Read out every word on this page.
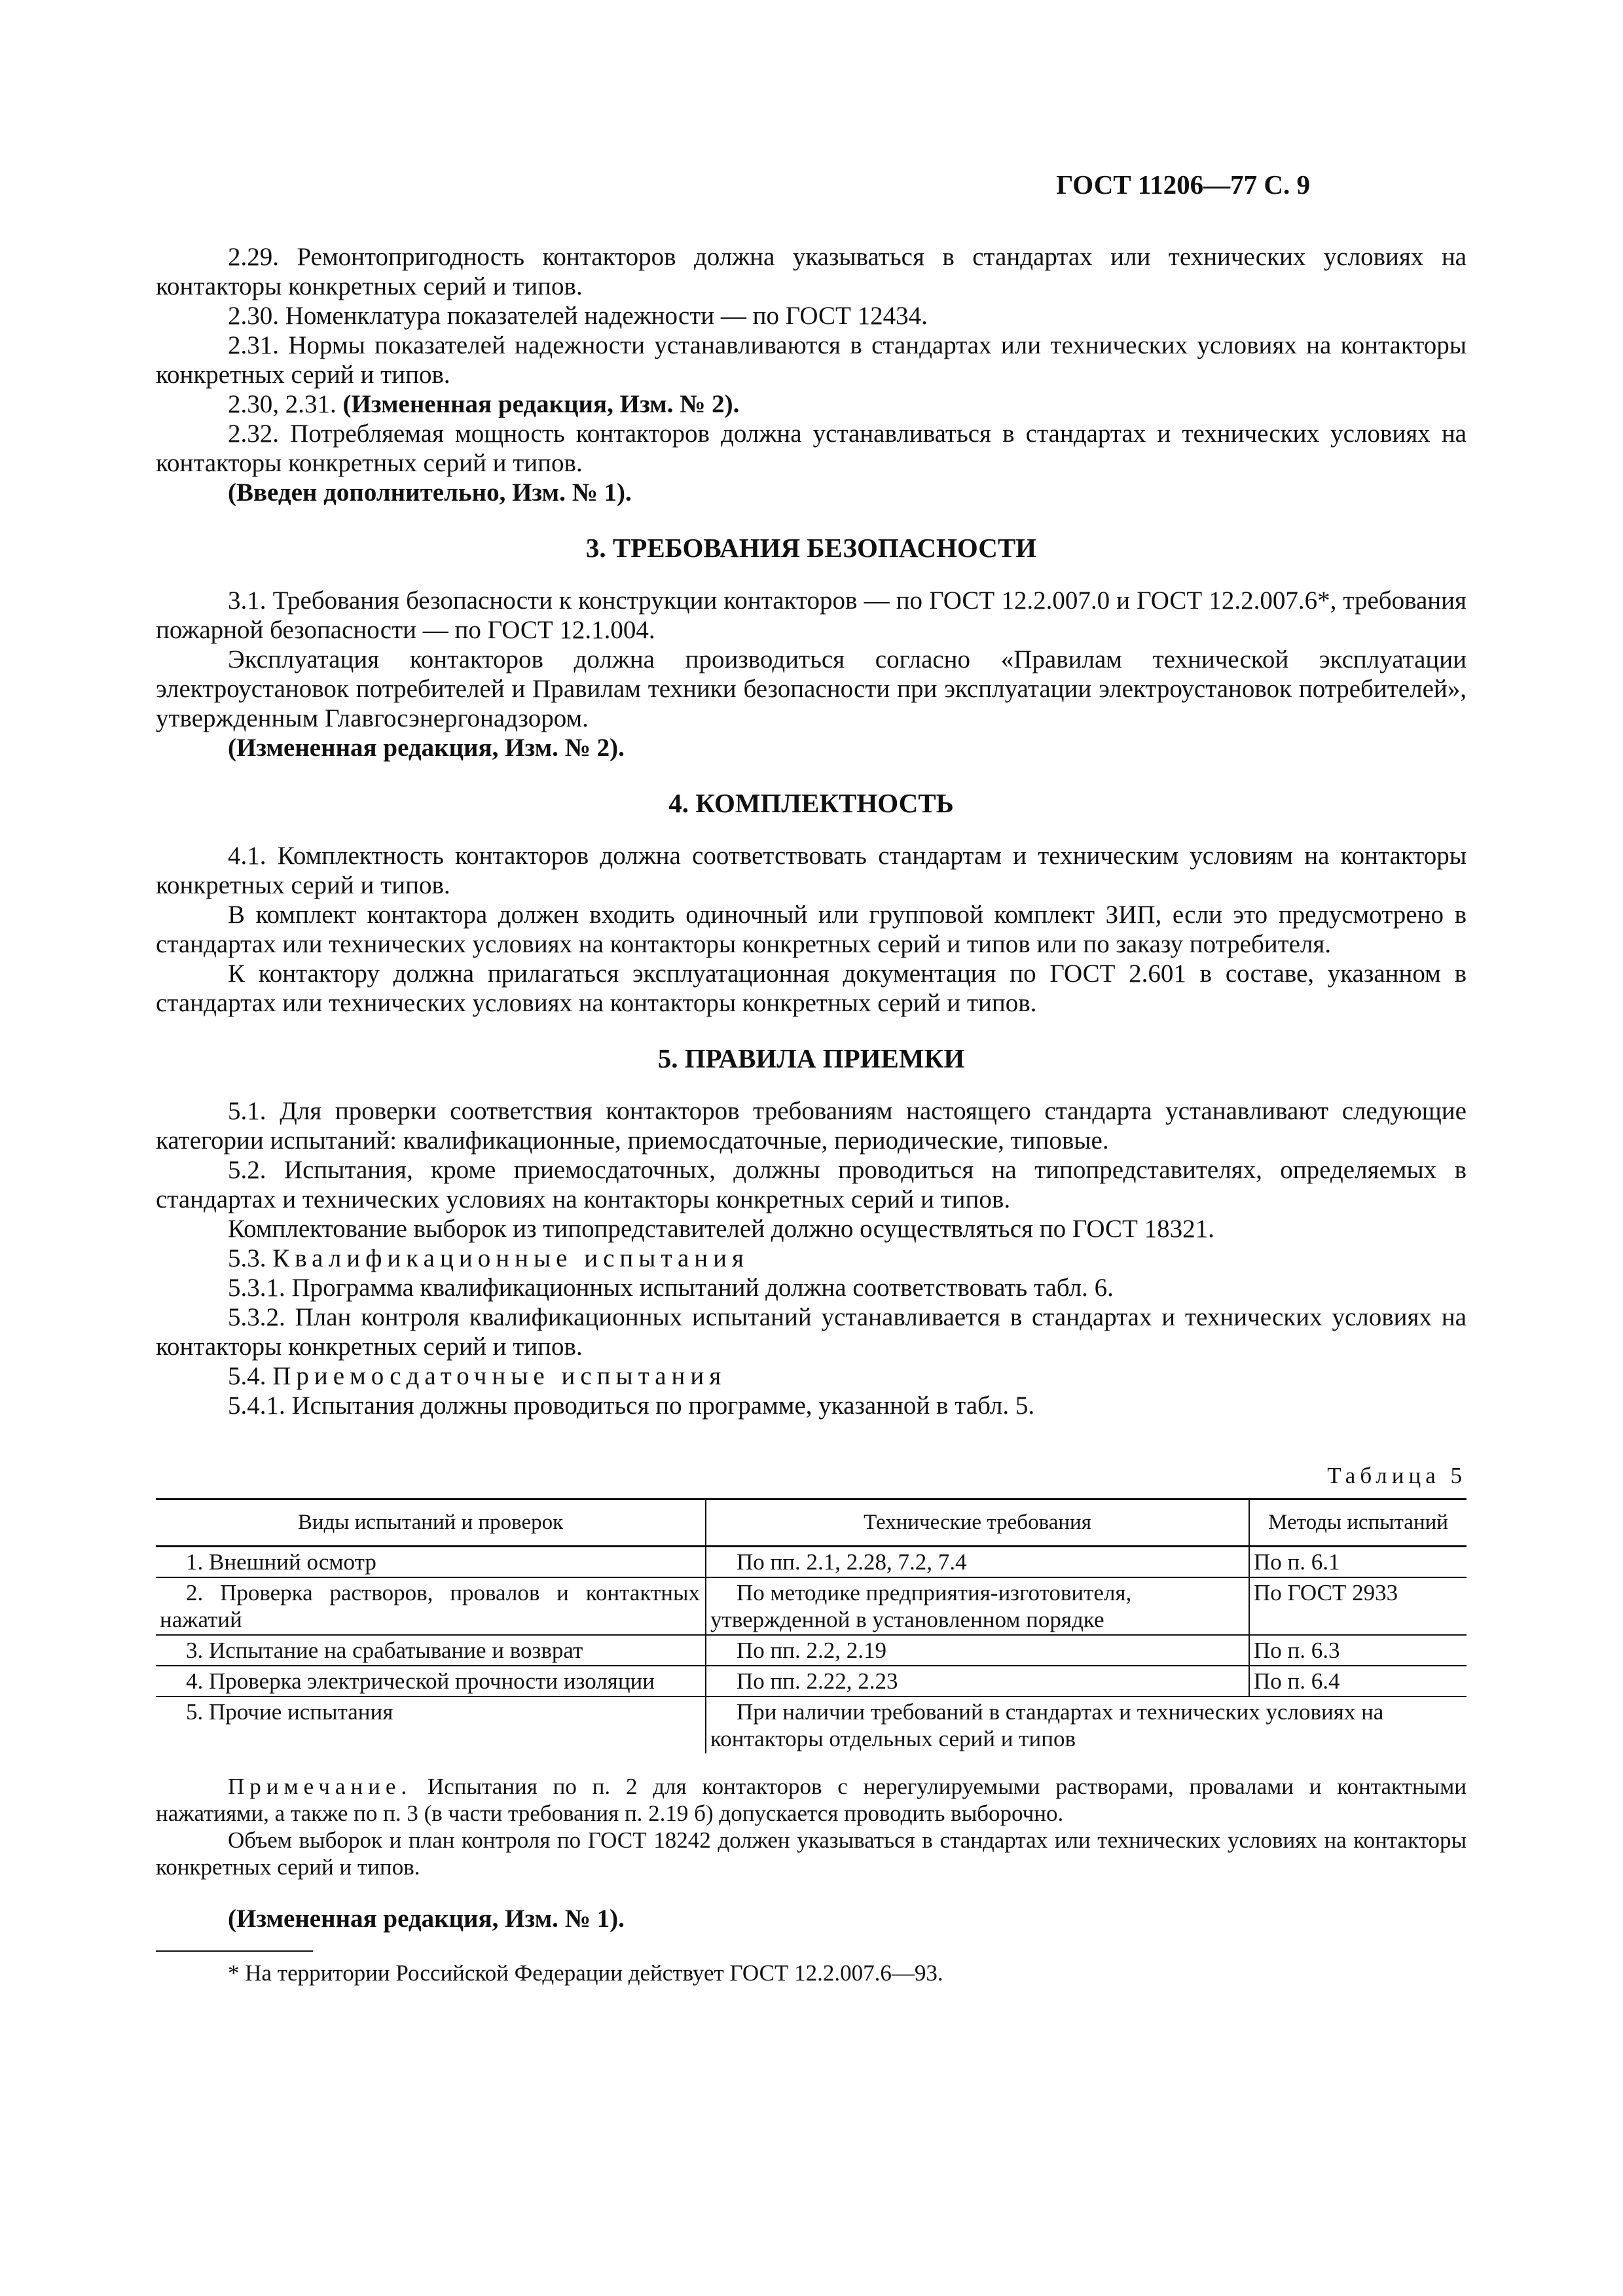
ГОСТ 11206—77 С. 9

2.29. Ремонтопригодность контакторов должна указываться в стандартах или технических условиях на контакторы конкретных серий и типов.

2.30. Номенклатура показателей надежности — по ГОСТ 12434.

2.31. Нормы показателей надежности устанавливаются в стандартах или технических условиях на контакторы конкретных серий и типов.

2.30, 2.31. (Измененная редакция, Изм. № 2).

2.32. Потребляемая мощность контакторов должна устанавливаться в стандартах и технических условиях на контакторы конкретных серий и типов.

(Введен дополнительно, Изм. № 1).

3. ТРЕБОВАНИЯ БЕЗОПАСНОСТИ

3.1. Требования безопасности к конструкции контакторов — по ГОСТ 12.2.007.0 и ГОСТ 12.2.007.6*, требования пожарной безопасности — по ГОСТ 12.1.004.

Эксплуатация контакторов должна производиться согласно «Правилам технической эксплуатации электроустановок потребителей и Правилам техники безопасности при эксплуатации электроустановок потребителей», утвержденным Главгосэнергонадзором.

(Измененная редакция, Изм. № 2).

4. КОМПЛЕКТНОСТЬ

4.1. Комплектность контакторов должна соответствовать стандартам и техническим условиям на контакторы конкретных серий и типов.

В комплект контактора должен входить одиночный или групповой комплект ЗИП, если это предусмотрено в стандартах или технических условиях на контакторы конкретных серий и типов или по заказу потребителя.

К контактору должна прилагаться эксплуатационная документация по ГОСТ 2.601 в составе, указанном в стандартах или технических условиях на контакторы конкретных серий и типов.

5. ПРАВИЛА ПРИЕМКИ

5.1. Для проверки соответствия контакторов требованиям настоящего стандарта устанавливают следующие категории испытаний: квалификационные, приемосдаточные, периодические, типовые.

5.2. Испытания, кроме приемосдаточных, должны проводиться на типопредставителях, определяемых в стандартах и технических условиях на контакторы конкретных серий и типов.

Комплектование выборок из типопредставителей должно осуществляться по ГОСТ 18321.

5.3. Квалификационные испытания

5.3.1. Программа квалификационных испытаний должна соответствовать табл. 6.

5.3.2. План контроля квалификационных испытаний устанавливается в стандартах и технических условиях на контакторы конкретных серий и типов.

5.4. Приемосдаточные испытания

5.4.1. Испытания должны проводиться по программе, указанной в табл. 5.

Таблица 5
Виды испытаний и проверок	Технические требования	Методы испытаний
1. Внешний осмотр	По пп. 2.1, 2.28, 7.2, 7.4	По п. 6.1
2. Проверка растворов, провалов и контактных нажатий	По методике предприятия-изготовителя, утвержденной в установленном порядке	По ГОСТ 2933
3. Испытание на срабатывание и возврат	По пп. 2.2, 2.19	По п. 6.3
4. Проверка электрической прочности изоляции	По пп. 2.22, 2.23	По п. 6.4
5. Прочие испытания	При наличии требований в стандартах и технических условиях на контакторы отдельных серий и типов	

Примечание. Испытания по п. 2 для контакторов с нерегулируемыми растворами, провалами и контактными нажатиями, а также по п. 3 (в части требования п. 2.19 б) допускается проводить выборочно.

Объем выборок и план контроля по ГОСТ 18242 должен указываться в стандартах или технических условиях на контакторы конкретных серий и типов.

(Измененная редакция, Изм. № 1).

* На территории Российской Федерации действует ГОСТ 12.2.007.6—93.
